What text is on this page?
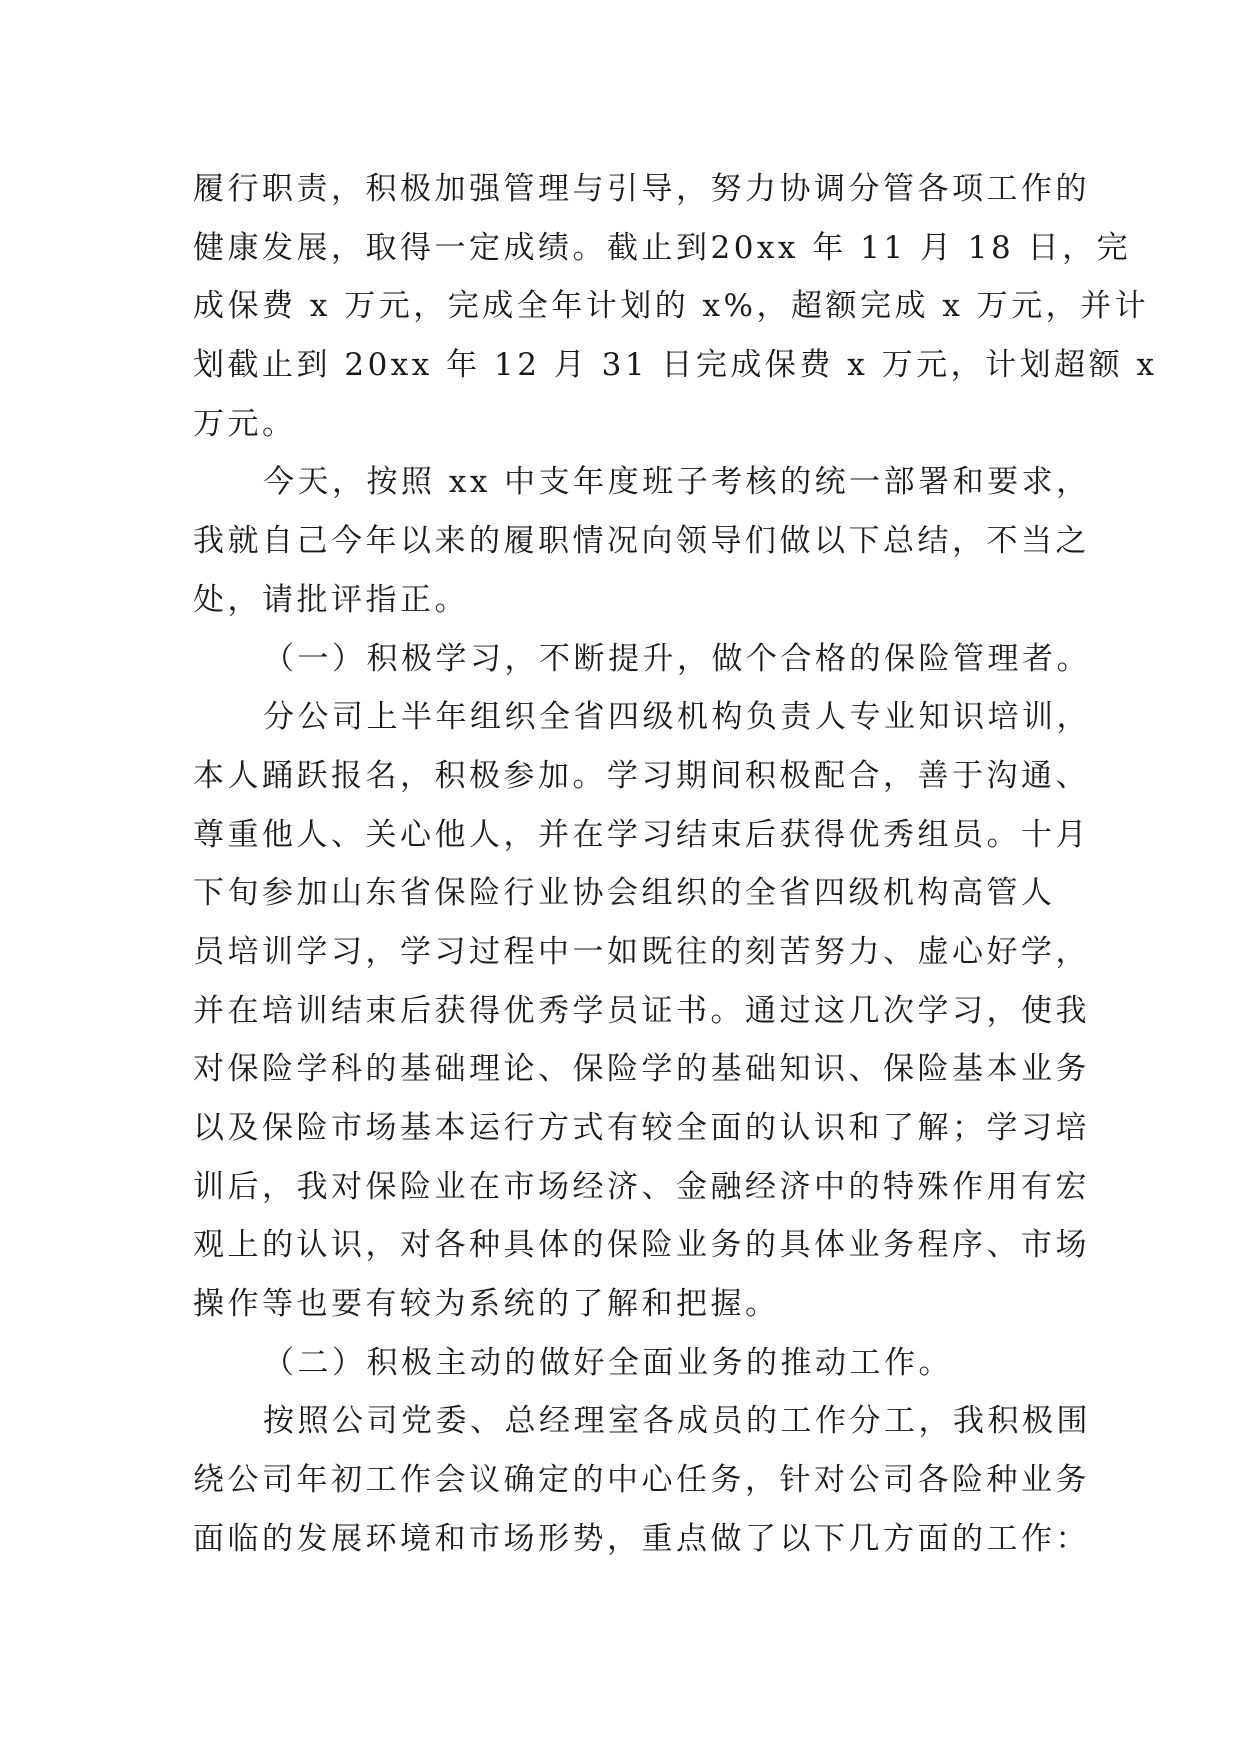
履行职责，积极加强管理与引导，努力协调分管各项工作的
健康发展，取得一定成绩。截止到20xx 年 11 月 18 日，完
成保费 x 万元，完成全年计划的 x%，超额完成 x 万元，并计
划截止到 20xx 年 12 月 31 日完成保费 x 万元，计划超额 x
万元。
今天，按照 xx 中支年度班子考核的统一部署和要求，
我就自己今年以来的履职情况向领导们做以下总结，不当之
处，请批评指正。
（一）积极学习，不断提升，做个合格的保险管理者。
分公司上半年组织全省四级机构负责人专业知识培训，
本人踊跃报名，积极参加。学习期间积极配合，善于沟通、
尊重他人、关心他人，并在学习结束后获得优秀组员。十月
下旬参加山东省保险行业协会组织的全省四级机构高管人
员培训学习，学习过程中一如既往的刻苦努力、虚心好学，
并在培训结束后获得优秀学员证书。通过这几次学习，使我
对保险学科的基础理论、保险学的基础知识、保险基本业务
以及保险市场基本运行方式有较全面的认识和了解；学习培
训后，我对保险业在市场经济、金融经济中的特殊作用有宏
观上的认识，对各种具体的保险业务的具体业务程序、市场
操作等也要有较为系统的了解和把握。
（二）积极主动的做好全面业务的推动工作。
按照公司党委、总经理室各成员的工作分工，我积极围
绕公司年初工作会议确定的中心任务，针对公司各险种业务
面临的发展环境和市场形势，重点做了以下几方面的工作：
